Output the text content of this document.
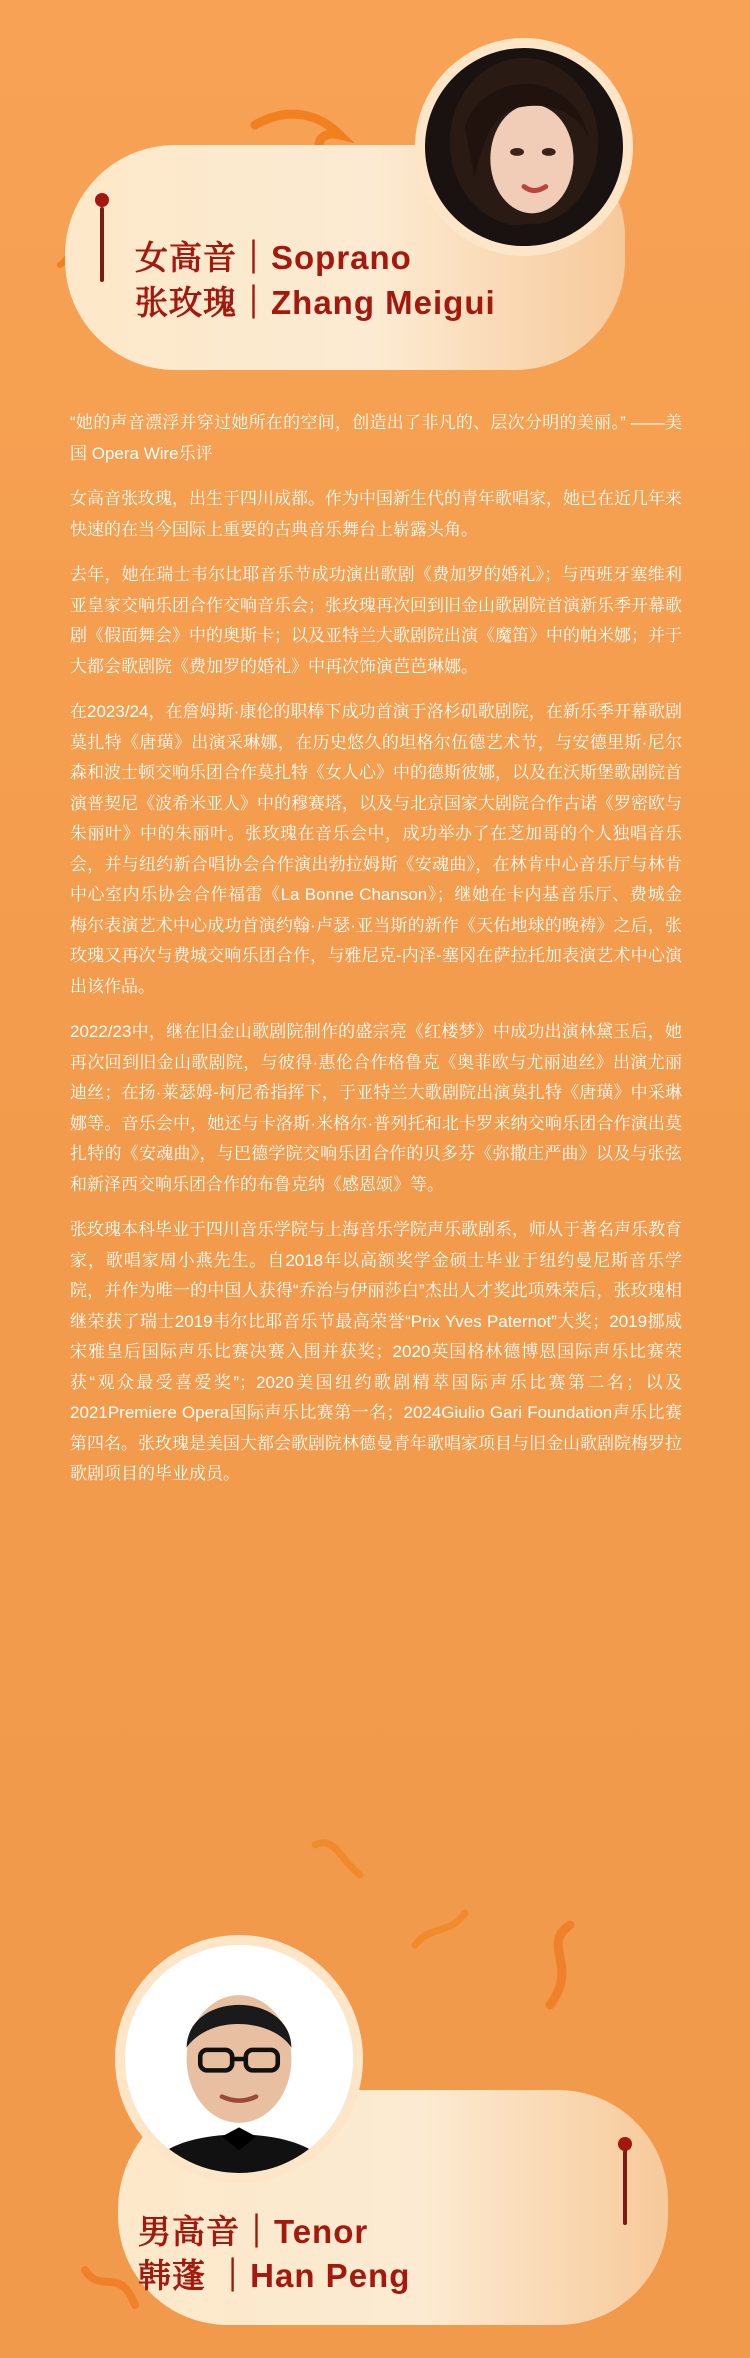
女高音｜Soprano
张玫瑰｜Zhang Meigui

“她的声音漂浮并穿过她所在的空间，创造出了非凡的、层次分明的美丽。” ——美国 Opera Wire乐评

女高音张玫瑰，出生于四川成都。作为中国新生代的青年歌唱家，她已在近几年来快速的在当今国际上重要的古典音乐舞台上崭露头角。

去年，她在瑞士韦尔比耶音乐节成功演出歌剧《费加罗的婚礼》；与西班牙塞维利亚皇家交响乐团合作交响音乐会；张玫瑰再次回到旧金山歌剧院首演新乐季开幕歌剧《假面舞会》中的奥斯卡；以及亚特兰大歌剧院出演《魔笛》中的帕米娜；并于大都会歌剧院《费加罗的婚礼》中再次饰演芭芭琳娜。

在2023/24，在詹姆斯·康伦的职棒下成功首演于洛杉矶歌剧院，在新乐季开幕歌剧莫扎特《唐璜》出演采琳娜，在历史悠久的坦格尔伍德艺术节，与安德里斯·尼尔森和波士顿交响乐团合作莫扎特《女人心》中的德斯彼娜，以及在沃斯堡歌剧院首演普契尼《波希米亚人》中的穆赛塔，以及与北京国家大剧院合作古诺《罗密欧与朱丽叶》中的朱丽叶。张玫瑰在音乐会中，成功举办了在芝加哥的个人独唱音乐会，并与纽约新合唱协会合作演出勃拉姆斯《安魂曲》，在林肯中心音乐厅与林肯中心室内乐协会合作福雷《La Bonne Chanson》；继她在卡内基音乐厅、费城金梅尔表演艺术中心成功首演约翰·卢瑟·亚当斯的新作《天佑地球的晚祷》之后，张玫瑰又再次与费城交响乐团合作，与雅尼克-内泽-塞冈在萨拉托加表演艺术中心演出该作品。

2022/23中，继在旧金山歌剧院制作的盛宗亮《红楼梦》中成功出演林黛玉后，她再次回到旧金山歌剧院，与彼得·惠伦合作格鲁克《奥菲欧与尤丽迪丝》出演尤丽迪丝；在扬·莱瑟姆-柯尼希指挥下，于亚特兰大歌剧院出演莫扎特《唐璜》中采琳娜等。音乐会中，她还与卡洛斯·米格尔·普列托和北卡罗来纳交响乐团合作演出莫扎特的《安魂曲》，与巴德学院交响乐团合作的贝多芬《弥撒庄严曲》以及与张弦和新泽西交响乐团合作的布鲁克纳《感恩颂》等。

张玫瑰本科毕业于四川音乐学院与上海音乐学院声乐歌剧系，师从于著名声乐教育家，歌唱家周小燕先生。自2018年以高额奖学金硕士毕业于纽约曼尼斯音乐学院，并作为唯一的中国人获得“乔治与伊丽莎白”杰出人才奖此项殊荣后，张玫瑰相继荣获了瑞士2019韦尔比耶音乐节最高荣誉“Prix Yves Paternot”大奖；2019挪威宋雅皇后国际声乐比赛决赛入围并获奖；2020英国格林德博恩国际声乐比赛荣获“观众最受喜爱奖”；2020美国纽约歌剧精萃国际声乐比赛第二名；以及2021Premiere Opera国际声乐比赛第一名；2024Giulio Gari Foundation声乐比赛第四名。张玫瑰是美国大都会歌剧院林德曼青年歌唱家项目与旧金山歌剧院梅罗拉歌剧项目的毕业成员。

男高音｜Tenor
韩蓬 ｜Han Peng
